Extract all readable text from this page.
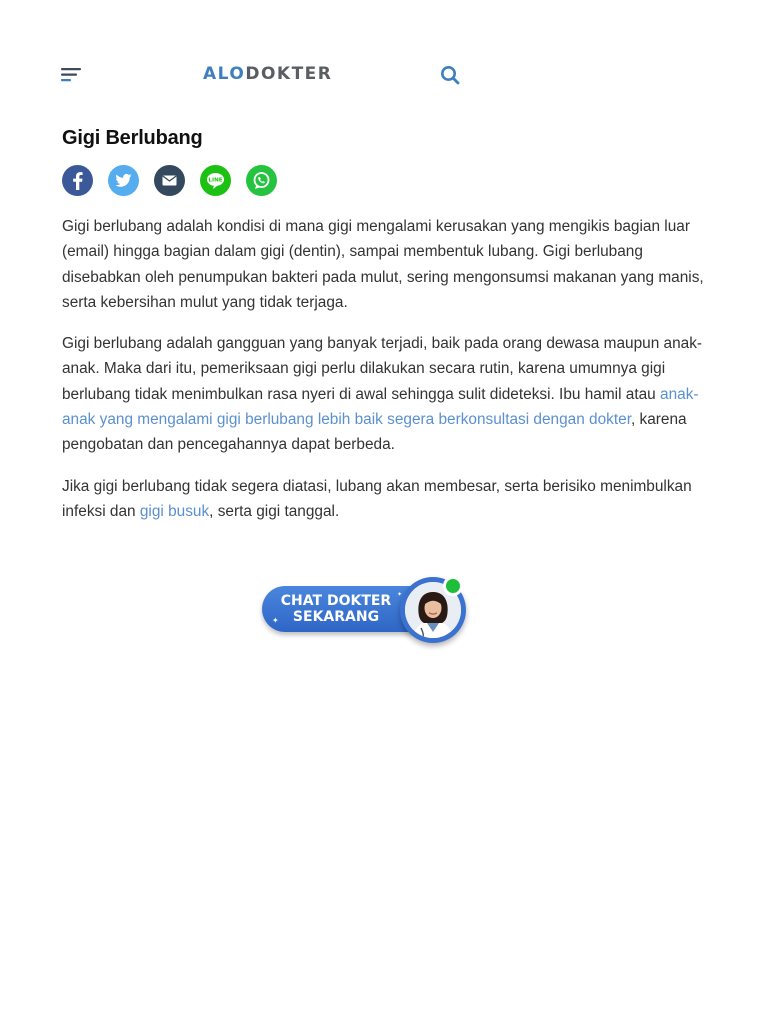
ALODOKTER
Gigi Berlubang
LINE

Gigi berlubang adalah kondisi di mana gigi mengalami kerusakan yang mengikis bagian luar (email) hingga bagian dalam gigi (dentin), sampai membentuk lubang. Gigi berlubang disebabkan oleh penumpukan bakteri pada mulut, sering mengonsumsi makanan yang manis, serta kebersihan mulut yang tidak terjaga.

Gigi berlubang adalah gangguan yang banyak terjadi, baik pada orang dewasa maupun anak-anak. Maka dari itu, pemeriksaan gigi perlu dilakukan secara rutin, karena umumnya gigi berlubang tidak menimbulkan rasa nyeri di awal sehingga sulit dideteksi. Ibu hamil atau anak-anak yang mengalami gigi berlubang lebih baik segera berkonsultasi dengan dokter, karena pengobatan dan pencegahannya dapat berbeda.

Jika gigi berlubang tidak segera diatasi, lubang akan membesar, serta berisiko menimbulkan infeksi dan gigi busuk, serta gigi tanggal.

✦
✦
CHAT DOKTER
SEKARANG
